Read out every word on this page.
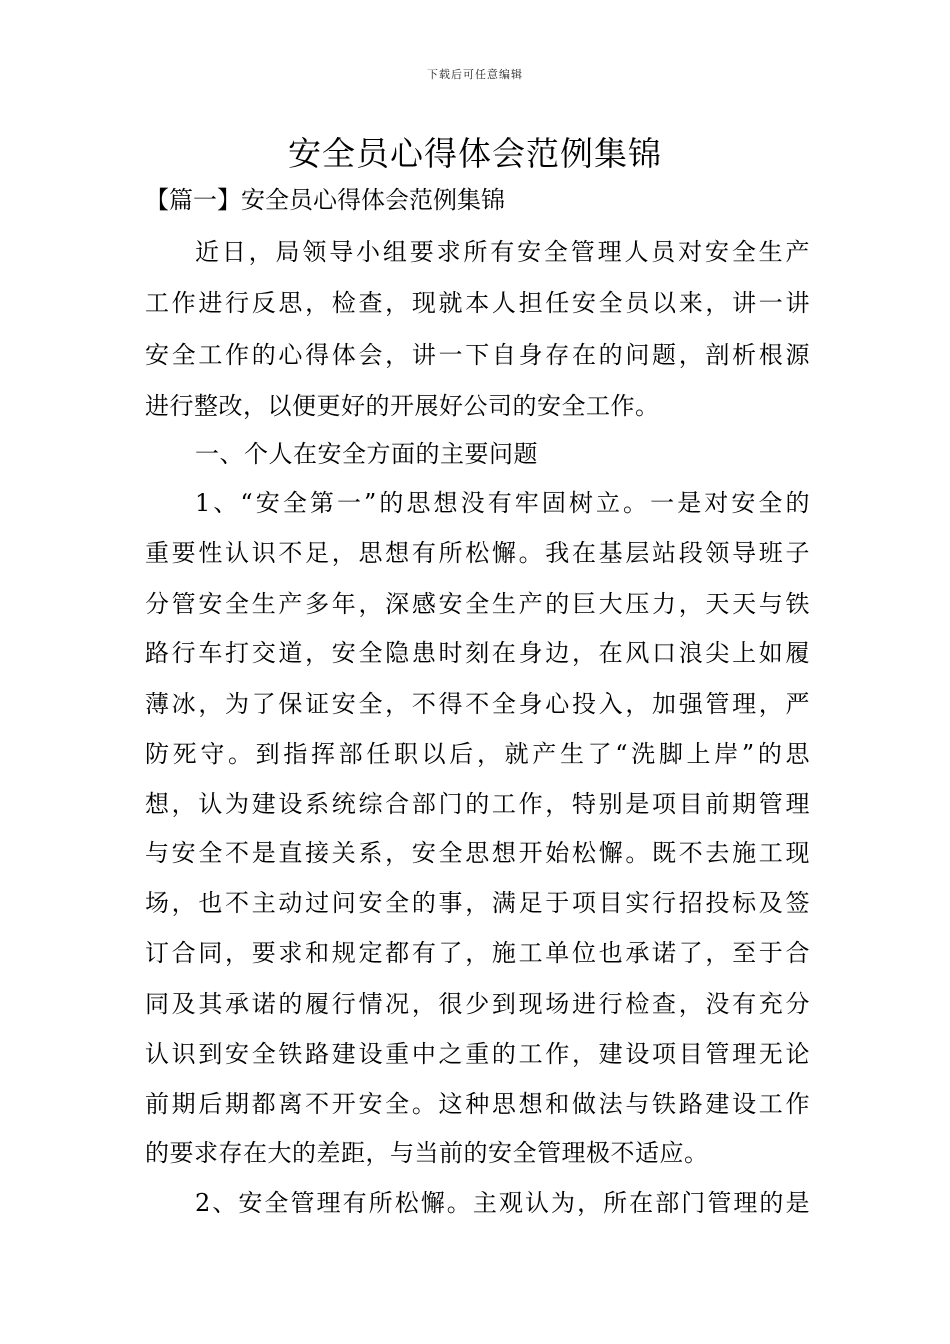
下载后可任意编辑
安全员心得体会范例集锦
【篇一】安全员心得体会范例集锦
近日，局领导小组要求所有安全管理人员对安全生产
工作进行反思，检查，现就本人担任安全员以来，讲一讲
安全工作的心得体会，讲一下自身存在的问题，剖析根源
进行整改，以便更好的开展好公司的安全工作。
一、个人在安全方面的主要问题
1、“安全第一”的思想没有牢固树立。一是对安全的
重要性认识不足，思想有所松懈。我在基层站段领导班子
分管安全生产多年，深感安全生产的巨大压力，天天与铁
路行车打交道，安全隐患时刻在身边，在风口浪尖上如履
薄冰，为了保证安全，不得不全身心投入，加强管理，严
防死守。到指挥部任职以后，就产生了“洗脚上岸”的思
想，认为建设系统综合部门的工作，特别是项目前期管理
与安全不是直接关系，安全思想开始松懈。既不去施工现
场，也不主动过问安全的事，满足于项目实行招投标及签
订合同，要求和规定都有了，施工单位也承诺了，至于合
同及其承诺的履行情况，很少到现场进行检查，没有充分
认识到安全铁路建设重中之重的工作，建设项目管理无论
前期后期都离不开安全。这种思想和做法与铁路建设工作
的要求存在大的差距，与当前的安全管理极不适应。
2、安全管理有所松懈。主观认为，所在部门管理的是
